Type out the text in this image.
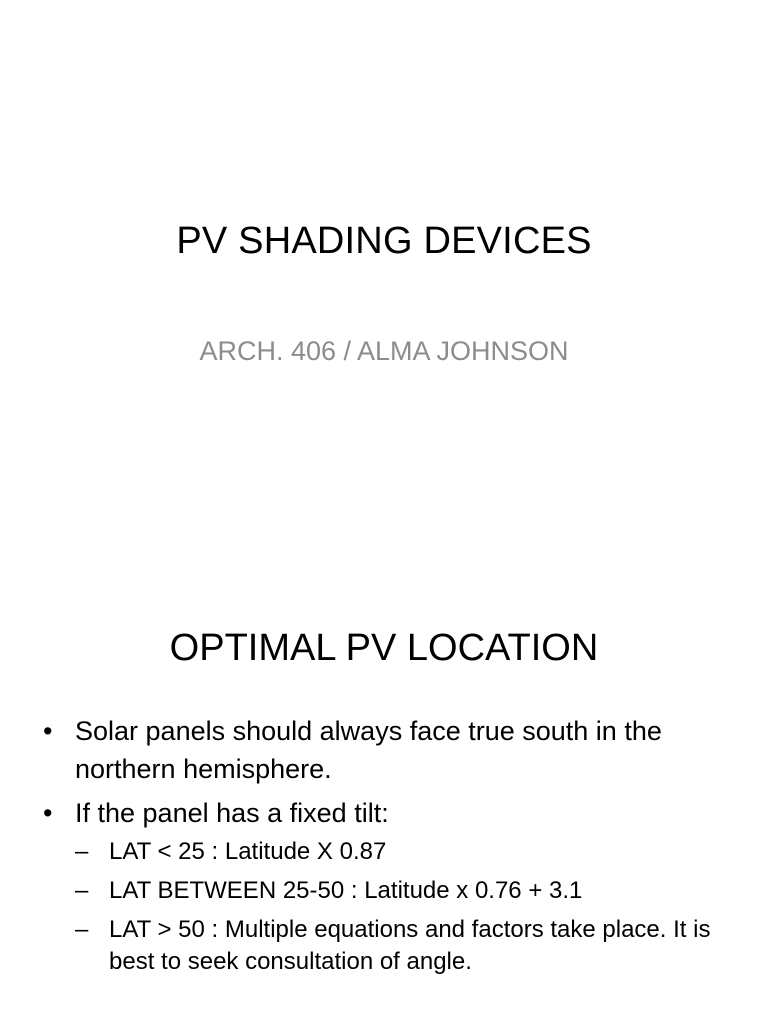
PV SHADING DEVICES
ARCH. 406 / ALMA JOHNSON
OPTIMAL PV LOCATION
• Solar panels should always face true south in the northern hemisphere.
• If the panel has a fixed tilt:
– LAT < 25 : Latitude X 0.87
– LAT BETWEEN 25-50 : Latitude x 0.76 + 3.1
– LAT > 50 : Multiple equations and factors take place. It is best to seek consultation of angle.
